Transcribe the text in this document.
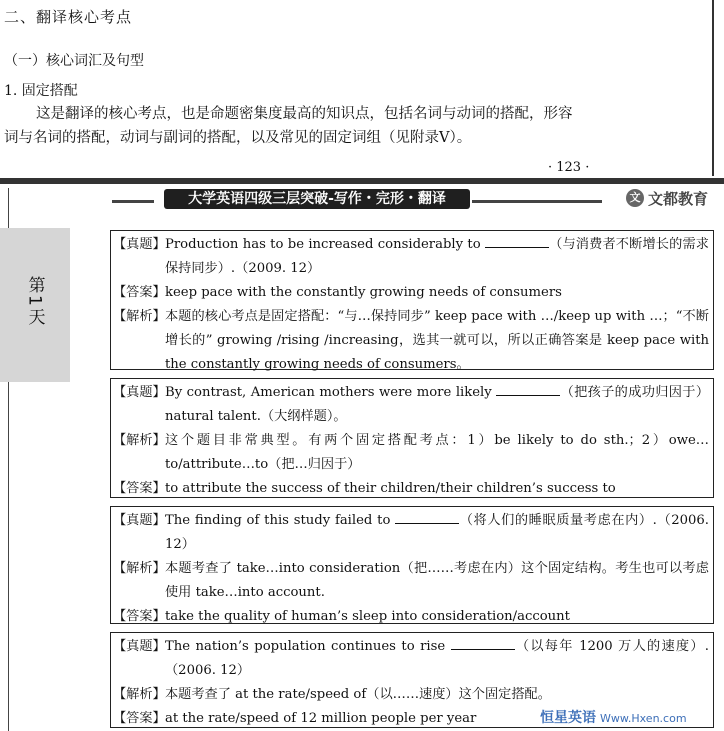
二、翻译核心考点
（一）核心词汇及句型
1. 固定搭配
这是翻译的核心考点，也是命题密集度最高的知识点，包括名词与动词的搭配，形容
词与名词的搭配，动词与副词的搭配，以及常见的固定词组（见附录Ⅴ）。
· 123 ·
大学英语四级三层突破-写作・完形・翻译	文 文都教育
第1天
【真题】 Production has to be increased considerably to	（与消费者不断增长的需求保持同步）.（2009. 12）
【答案】 keep pace with the constantly growing needs of consumers
【解析】 本题的核心考点是固定搭配：“与…保持同步” keep pace with …/keep up with …；“不断增长的” growing /rising /increasing，选其一就可以，所以正确答案是 keep pace with the constantly growing needs of consumers。
【真题】 By contrast, American mothers were more likely	（把孩子的成功归因于）natural talent.（大纲样题）。
【解析】 这个题目非常典型。有两个固定搭配考点：1）be likely to do sth.；2）owe…to/attribute…to（把…归因于）
【答案】 to attribute the success of their children/their children’s success to
【真题】 The finding of this study failed to	（将人们的睡眠质量考虑在内）.（2006. 12）
【解析】 本题考查了 take…into consideration（把……考虑在内）这个固定结构。考生也可以考虑使用 take…into account.
【答案】 take the quality of human’s sleep into consideration/account
【真题】 The nation’s population continues to rise	（以每年 1200 万人的速度）.（2006. 12）
【解析】 本题考查了 at the rate/speed of（以……速度）这个固定搭配。
【答案】 at the rate/speed of 12 million people per year	恒星英语 Www.Hxen.com
